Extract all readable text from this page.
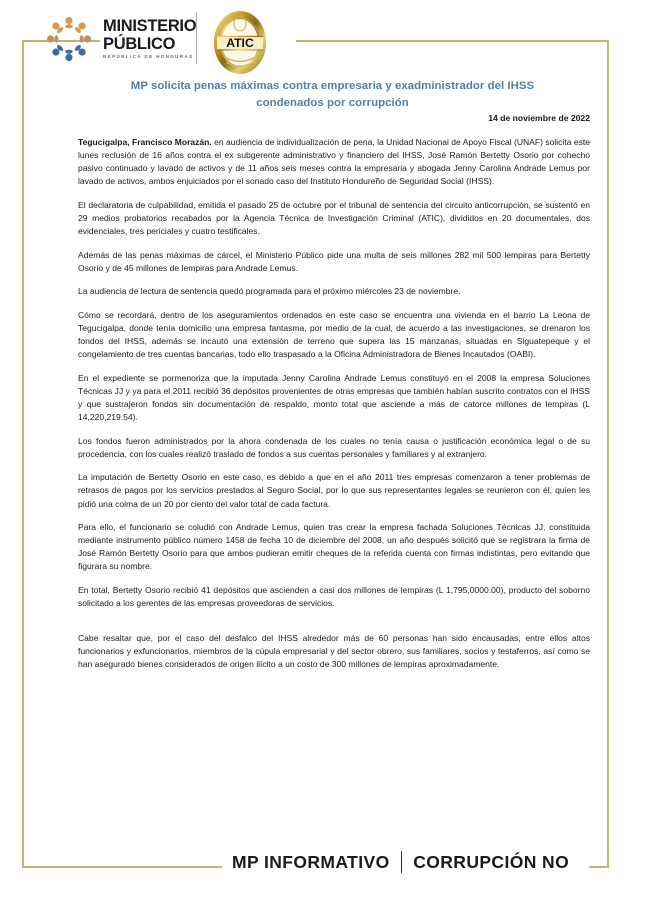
MINISTERIO
PÚBLICO
REPÚBLICA DE HONDURAS
ATIC
MP solicita penas máximas contra empresaria y exadministrador del IHSS
condenados por corrupción
14 de noviembre de 2022

Tegucigalpa, Francisco Morazán. en audiencia de individualización de pena, la Unidad Nacional de Apoyo Fiscal (UNAF) solicita este lunes reclusión de 16 años contra el ex subgerente administrativo y financiero del IHSS, José Ramón Bertetty Osorio por cohecho pasivo continuado y lavado de activos y de 11 años seis meses contra la empresaria y abogada Jenny Carolina Andrade Lemus por lavado de activos, ambos enjuiciados por el sonado caso del Instituto Hondureño de Seguridad Social (IHSS).

El declaratoria de culpabilidad, emitida el pasado 25 de octubre por el tribunal de sentencia del circuito anticorrupción, se sustentó en 29 medios probatorios recabados por la Agencia Técnica de Investigación Criminal (ATIC), divididos en 20 documentales, dos evidenciales, tres periciales y cuatro testificales.

Además de las penas máximas de cárcel, el Ministerio Público pide una multa de seis millones 282 mil 500 lempiras para Bertetty Osorio y de 45 millones de lempiras para Andrade Lemus.

La audiencia de lectura de sentencia quedó programada para el próximo miércoles 23 de noviembre.

Cómo se recordará, dentro de los aseguramientos ordenados en este caso se encuentra una vivienda en el barrio La Leona de Tegucigalpa, donde tenía domicilio una empresa fantasma, por medio de la cual, de acuerdo a las investigaciones, se drenaron los fondos del IHSS, además se incautó una extensión de terreno que supera las 15 manzanas, situadas en Siguatepeque y el congelamiento de tres cuentas bancarias, todo ello traspasado a la Oficina Administradora de Bienes Incautados (OABI).

En el expediente se pormenoriza que la imputada Jenny Carolina Andrade Lemus constituyó en el 2008 la empresa Soluciones Técnicas JJ y ya para el 2011 recibió 36 depósitos provenientes de otras empresas que también habían suscrito contratos con el IHSS y que sustrajeron fondos sin documentación de respaldo, monto total que asciende a más de catorce millones de lempiras (L 14,220,219.54).

Los fondos fueron administrados por la ahora condenada de los cuales no tenía causa o justificación económica legal o de su procedencia, con los cuales realizó traslado de fondos a sus cuentas personales y familiares y al extranjero.

La imputación de Bertetty Osorio en este caso, es debido a que en el año 2011 tres empresas comenzaron a tener problemas de retrasos de pagos por los servicios prestados al Seguro Social, por lo que sus representantes legales se reunieron con él, quien les pidió una coima de un 20 por ciento del valor total de cada factura.

Para ello, el funcionario se coludió con Andrade Lemus, quien tras crear la empresa fachada Soluciones Técnicas JJ, constituida mediante instrumento público número 1458 de fecha 10 de diciembre del 2008, un año después solicitó que se registrara la firma de José Ramón Bertetty Osorio para que ambos pudieran emitir cheques de la referida cuenta con firmas indistintas, pero evitando que figurara su nombre.

En total, Bertetty Osorio recibió 41 depósitos que ascienden a casi dos millones de lempiras (L 1,795,0000.00), producto del soborno solicitado a los gerentes de las empresas proveedoras de servicios.

Cabe resaltar que, por el caso del desfalco del IHSS alrededor más de 60 personas han sido encausadas, entre ellos altos funcionarios y exfuncionarios, miembros de la cúpula empresarial y del sector obrero, sus familiares, socios y testaferros, así como se han asegurado bienes considerados de origen ilícito a un costo de 300 millones de lempiras aproximadamente.

MP INFORMATIVO CORRUPCIÓN NO
